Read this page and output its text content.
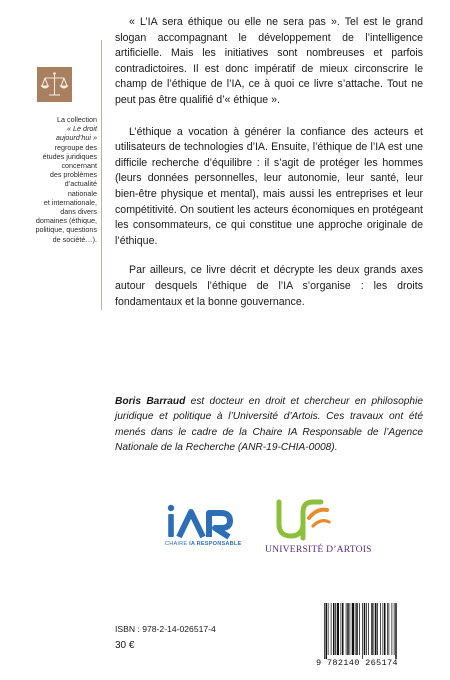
La collection
« Le droit
aujourd’hui »
regroupe des
études juridiques
concernant
des problèmes
d’actualité
nationale
et internationale,
dans divers
domaines (éthique,
politique, questions
de société…).

« L’IA sera éthique ou elle ne sera pas ». Tel est le grand slogan accompagnant le développement de l’intelligence artificielle. Mais les initiatives sont nombreuses et parfois contradictoires. Il est donc impératif de mieux circonscrire le champ de l’éthique de l’IA, ce à quoi ce livre s’attache. Tout ne peut pas être qualifié d’« éthique ».

L’éthique a vocation à générer la confiance des acteurs et utilisateurs de technologies d’IA. Ensuite, l’éthique de l’IA est une difficile recherche d’équilibre : il s’agit de protéger les hommes (leurs données personnelles, leur autonomie, leur santé, leur bien-être physique et mental), mais aussi les entreprises et leur compétitivité. On soutient les acteurs économiques en protégeant les consommateurs, ce qui constitue une approche originale de l’éthique.

Par ailleurs, ce livre décrit et décrypte les deux grands axes autour desquels l’éthique de l’IA s’organise : les droits fondamentaux et la bonne gouvernance.

Boris Barraud est docteur en droit et chercheur en philosophie juridique et politique à l’Université d’Artois. Ces travaux ont été menés dans le cadre de la Chaire IA Responsable de l’Agence Nationale de la Recherche (ANR-19-CHIA-0008).

CHAIRE IA RESPONSABLE UNIVERSITÉ D’ARTOIS
ISBN : 978-2-14-026517-4
30 €
9 782140 265174
